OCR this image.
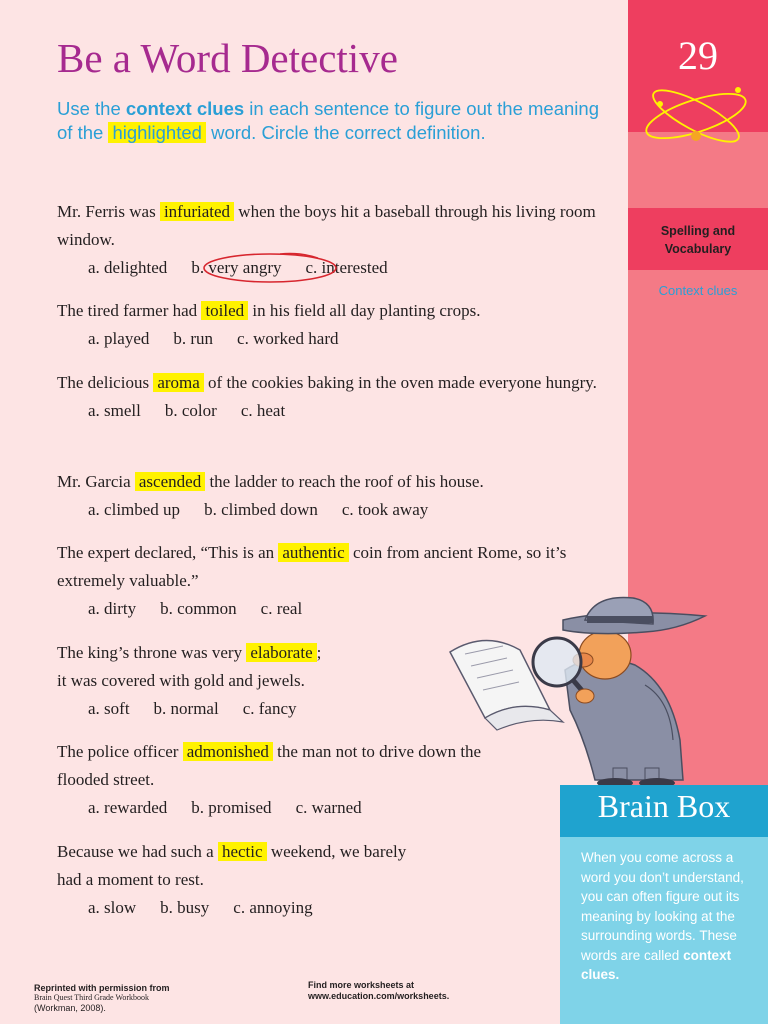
29
Spelling and
Vocabulary
Context clues
Be a Word Detective
Use the context clues in each sentence to figure out the meaning of the highlighted word. Circle the correct definition.
Mr. Ferris was infuriated when the boys hit a baseball through his living room window.
a. delighted b. very angry c. interested
The tired farmer had toiled in his field all day planting crops.
a. played b. run c. worked hard
The delicious aroma of the cookies baking in the oven made everyone hungry.
a. smell b. color c. heat
Mr. Garcia ascended the ladder to reach the roof of his house.
a. climbed up b. climbed down c. took away
The expert declared, “This is an authentic coin from ancient Rome, so it’s extremely valuable.”
a. dirty b. common c. real
The king’s throne was very elaborate ;
it was covered with gold and jewels.
a. soft b. normal c. fancy
The police officer admonished the man not to drive down the flooded street.
a. rewarded b. promised c. warned
Because we had such a hectic weekend, we barely
had a moment to rest.
a. slow b. busy c. annoying
Brain Box
When you come across a word you don’t understand, you can often figure out its meaning by looking at the surrounding words. These words are called context clues.
Reprinted with permission from
Brain Quest Third Grade Workbook
(Workman, 2008).
Find more worksheets at
www.education.com/worksheets.
